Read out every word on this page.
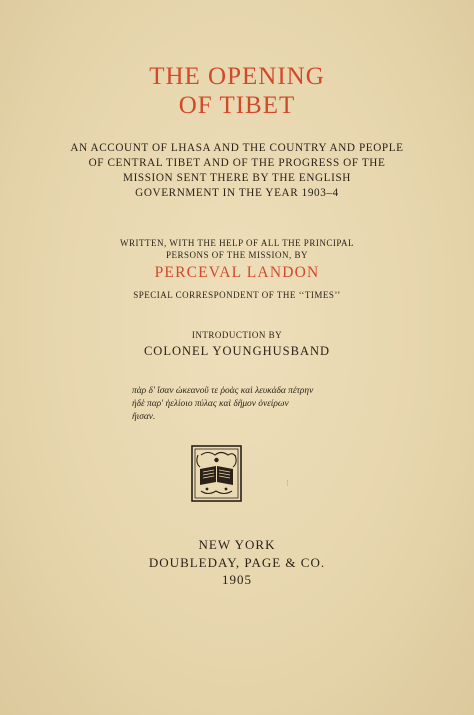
THE OPENING
OF TIBET
AN ACCOUNT OF LHASA AND THE COUNTRY AND PEOPLE
OF CENTRAL TIBET AND OF THE PROGRESS OF THE
MISSION SENT THERE BY THE ENGLISH
GOVERNMENT IN THE YEAR 1903–4
WRITTEN, WITH THE HELP OF ALL THE PRINCIPAL
PERSONS OF THE MISSION, BY
PERCEVAL LANDON
SPECIAL CORRESPONDENT OF THE ‘‘TIMES’’
INTRODUCTION BY
COLONEL YOUNGHUSBAND
πὰρ δ' ἴσαν ὠκεανοῦ τε ῥοὰς καὶ λευκάδα πέτρην
ἠδὲ παρ' ἠελίοιο πύλας καὶ δῆμον ὀνείρων
ἤισαν.
⁝
NEW YORK
DOUBLEDAY, PAGE & CO.
1905
